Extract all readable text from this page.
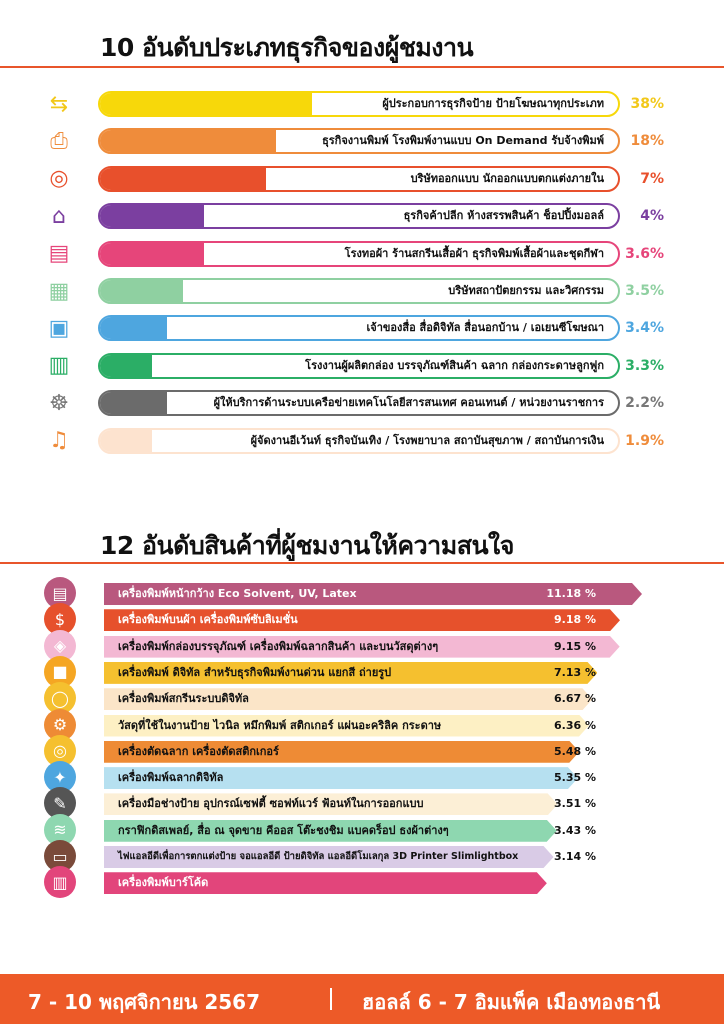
10 อันดับประเภทธุรกิจของผู้ชมงาน
⇆	ผู้ประกอบการธุรกิจป้าย ป้ายโฆษณาทุกประเภท	38%
⎙	ธุรกิจงานพิมพ์ โรงพิมพ์งานแบบ On Demand รับจ้างพิมพ์	18%
◎	บริษัทออกแบบ นักออกแบบตกแต่งภายใน	7%
⌂	ธุรกิจค้าปลีก ห้างสรรพสินค้า ช็อปปิ้งมอลล์	4%
▤	โรงทอผ้า ร้านสกรีนเสื้อผ้า ธุรกิจพิมพ์เสื้อผ้าและชุดกีฬา 3.6%
▦	บริษัทสถาปัตยกรรม และวิศกรรม 3.5%
▣	เจ้าของสื่อ สื่อดิจิทัล สื่อนอกบ้าน / เอเยนซีโฆษณา 3.4%
▥	โรงงานผู้ผลิตกล่อง บรรจุภัณฑ์สินค้า ฉลาก กล่องกระดาษลูกฟูก 3.3%
☸	ผู้ให้บริการด้านระบบเครือข่ายเทคโนโลยีสารสนเทศ คอนเทนต์ / หน่วยงานราชการ 2.2%
♫	ผู้จัดงานอีเว้นท์ ธุรกิจบันเทิง / โรงพยาบาล สถาบันสุขภาพ / สถาบันการเงิน 1.9%
12 อันดับสินค้าที่ผู้ชมงานให้ความสนใจ
▤	เครื่องพิมพ์หน้ากว้าง Eco Solvent, UV, Latex	11.18 %
$	เครื่องพิมพ์บนผ้า เครื่องพิมพ์ซับลิเมชั่น	9.18 %
◈	เครื่องพิมพ์กล่องบรรจุภัณฑ์ เครื่องพิมพ์ฉลากสินค้า และบนวัสดุต่างๆ	9.15 %
■	เครื่องพิมพ์ ดิจิทัล สำหรับธุรกิจพิมพ์งานด่วน แยกสี ถ่ายรูป	7.13 %
◯	เครื่องพิมพ์สกรีนระบบดิจิทัล	6.67 %
⚙	วัสดุที่ใช้ในงานป้าย ไวนิล หมึกพิมพ์ สติกเกอร์ แผ่นอะคริลิค กระดาษ	6.36 %
◎	เครื่องตัดฉลาก เครื่องตัดสติกเกอร์	5.48 %
✦	เครื่องพิมพ์ฉลากดิจิทัล	5.35 %
✎	เครื่องมือช่างป้าย อุปกรณ์เซฟตี้ ซอฟท์แวร์ ฟ้อนท์ในการออกแบบ	3.51 %
≋	กราฟิกดิสเพลย์, สื่อ ณ จุดขาย คีออส โต๊ะชงชิม แบคดร็อป ธงผ้าต่างๆ	3.43 %
▭	ไฟแอลอีดีเพื่อการตกแต่งป้าย จอแอลอีดี ป้ายดิจิทัล แอลอีดีโมเลกุล 3D Printer Slimlightbox	3.14 %
▥	เครื่องพิมพ์บาร์โค้ด	2.53 %
7 - 10 พฤศจิกายน 2567	ฮอลล์ 6 - 7 อิมแพ็ค เมืองทองธานี
